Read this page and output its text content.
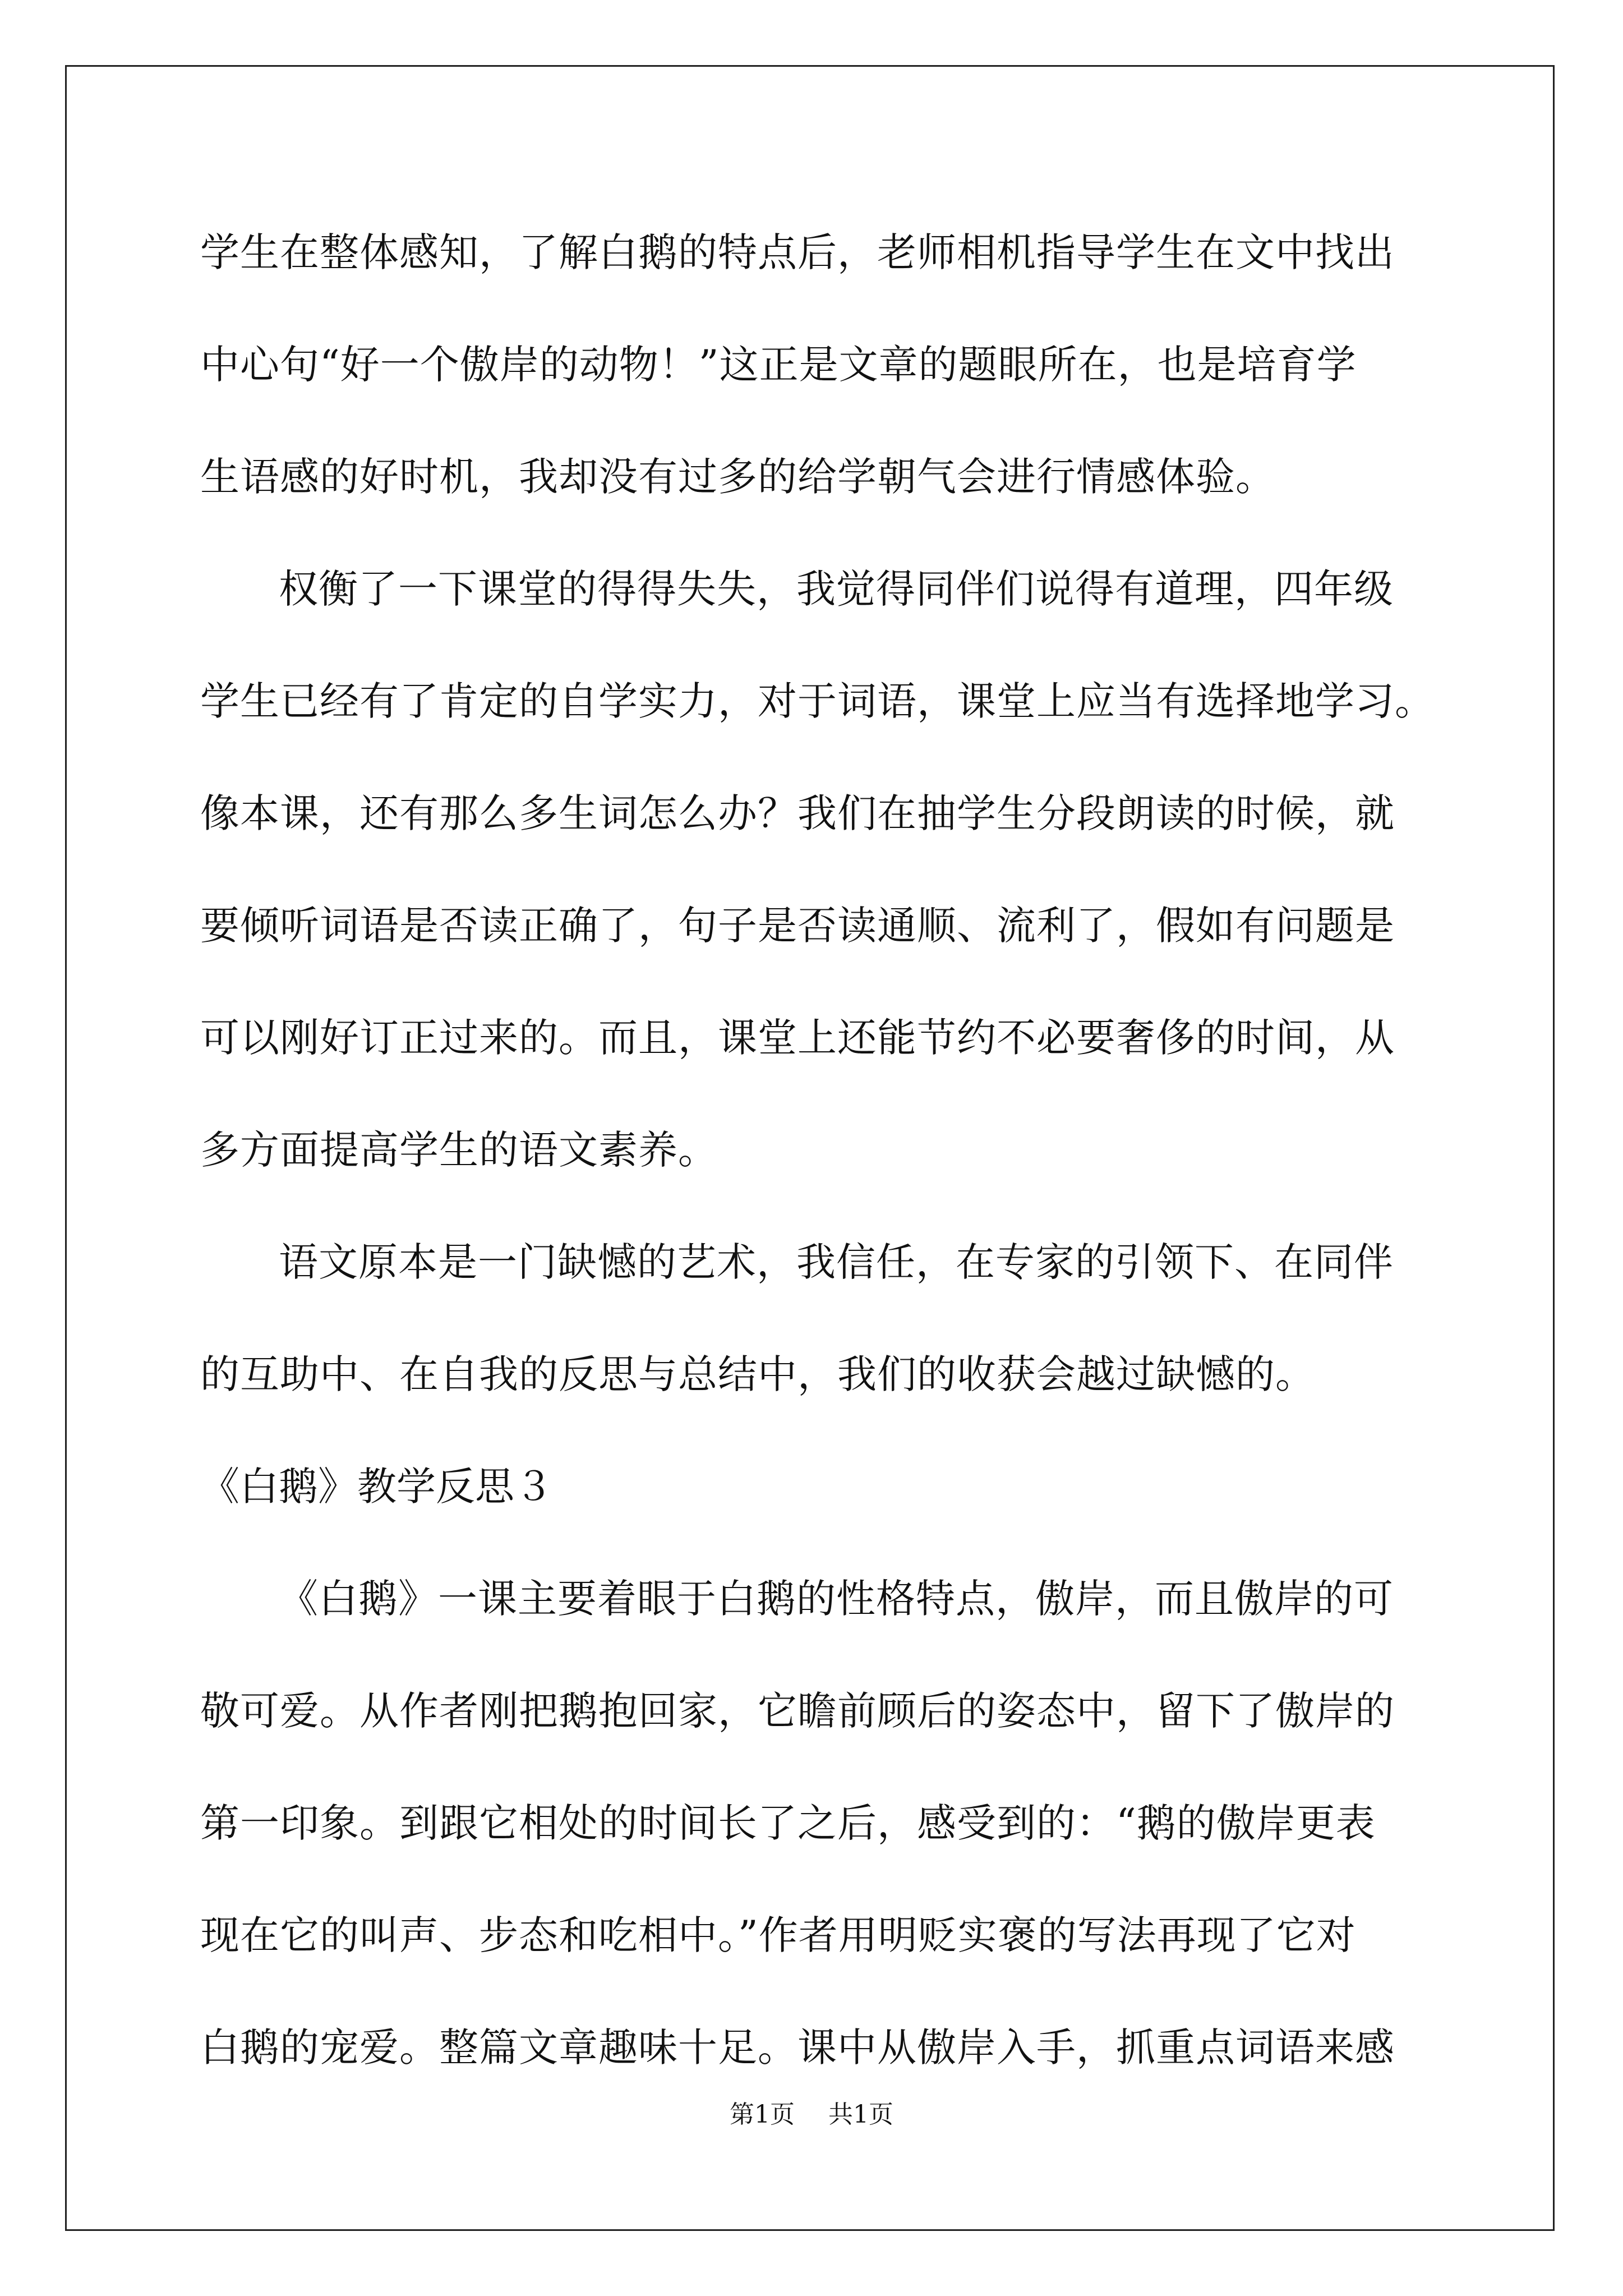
学生在整体感知，了解白鹅的特点后，老师相机指导学生在文中找出
中心句“好一个傲岸的动物！”这正是文章的题眼所在，也是培育学
生语感的好时机，我却没有过多的给学朝气会进行情感体验。
权衡了一下课堂的得得失失，我觉得同伴们说得有道理，四年级
学生已经有了肯定的自学实力，对于词语，课堂上应当有选择地学习。
像本课，还有那么多生词怎么办？我们在抽学生分段朗读的时候，就
要倾听词语是否读正确了，句子是否读通顺、流利了，假如有问题是
可以刚好订正过来的。而且，课堂上还能节约不必要奢侈的时间，从
多方面提高学生的语文素养。
语文原本是一门缺憾的艺术，我信任，在专家的引领下、在同伴
的互助中、在自我的反思与总结中，我们的收获会越过缺憾的。
《白鹅》教学反思３
《白鹅》一课主要着眼于白鹅的性格特点，傲岸，而且傲岸的可
敬可爱。从作者刚把鹅抱回家，它瞻前顾后的姿态中，留下了傲岸的
第一印象。到跟它相处的时间长了之后，感受到的：“鹅的傲岸更表
现在它的叫声、步态和吃相中。”作者用明贬实褒的写法再现了它对
白鹅的宠爱。整篇文章趣味十足。课中从傲岸入手，抓重点词语来感
第1页 共1页
